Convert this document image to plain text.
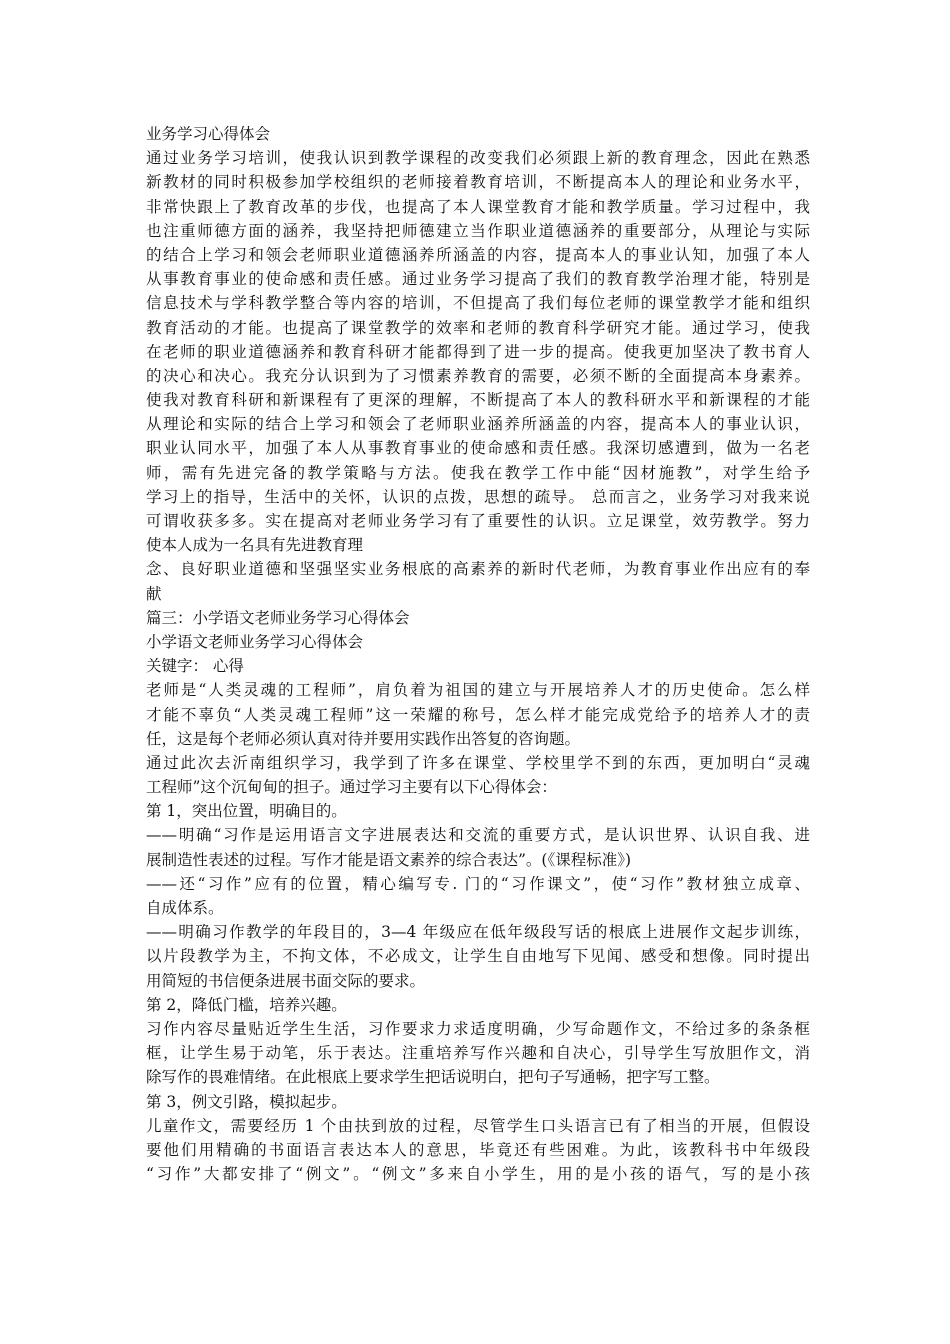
业务学习心得体会
通过业务学习培训，使我认识到教学课程的改变我们必须跟上新的教育理念，因此在熟悉
新教材的同时积极参加学校组织的老师接着教育培训，不断提高本人的理论和业务水平，
非常快跟上了教育改革的步伐，也提高了本人课堂教育才能和教学质量。学习过程中，我
也注重师德方面的涵养，我坚持把师德建立当作职业道德涵养的重要部分，从理论与实际
的结合上学习和领会老师职业道德涵养所涵盖的内容，提高本人的事业认知，加强了本人
从事教育事业的使命感和责任感。通过业务学习提高了我们的教育教学治理才能，特别是
信息技术与学科教学整合等内容的培训，不但提高了我们每位老师的课堂教学才能和组织
教育活动的才能。也提高了课堂教学的效率和老师的教育科学研究才能。通过学习，使我
在老师的职业道德涵养和教育科研才能都得到了进一步的提高。使我更加坚决了教书育人
的决心和决心。我充分认识到为了习惯素养教育的需要，必须不断的全面提高本身素养。
使我对教育科研和新课程有了更深的理解，不断提高了本人的教科研水平和新课程的才能
从理论和实际的结合上学习和领会了老师职业涵养所涵盖的内容，提高本人的事业认识，
职业认同水平，加强了本人从事教育事业的使命感和责任感。我深切感遭到，做为一名老
师，需有先进完备的教学策略与方法。使我在教学工作中能“因材施教”，对学生给予
学习上的指导，生活中的关怀，认识的点拨，思想的疏导。 总而言之，业务学习对我来说
可谓收获多多。实在提高对老师业务学习有了重要性的认识。立足课堂，效劳教学。努力
使本人成为一名具有先进教育理
念、良好职业道德和坚强坚实业务根底的高素养的新时代老师，为教育事业作出应有的奉
献
篇三：小学语文老师业务学习心得体会
小学语文老师业务学习心得体会
关键字： 心得
老师是“人类灵魂的工程师”，肩负着为祖国的建立与开展培养人才的历史使命。怎么样
才能不辜负“人类灵魂工程师”这一荣耀的称号，怎么样才能完成党给予的培养人才的责
任，这是每个老师必须认真对待并要用实践作出答复的咨询题。
通过此次去沂南组织学习，我学到了许多在课堂、学校里学不到的东西，更加明白“灵魂
工程师”这个沉甸甸的担子。通过学习主要有以下心得体会：
第 1，突出位置，明确目的。
——明确“习作是运用语言文字进展表达和交流的重要方式，是认识世界、认识自我、进
展制造性表述的过程。写作才能是语文素养的综合表达”。(《课程标准》)
——还“习作”应有的位置，精心编写专. 门的“习作课文”，使“习作”教材独立成章、
自成体系。
——明确习作教学的年段目的，3—4 年级应在低年级段写话的根底上进展作文起步训练，
以片段教学为主，不拘文体，不必成文，让学生自由地写下见闻、感受和想像。同时提出
用简短的书信便条进展书面交际的要求。
第 2，降低门槛，培养兴趣。
习作内容尽量贴近学生生活，习作要求力求适度明确，少写命题作文，不给过多的条条框
框，让学生易于动笔，乐于表达。注重培养写作兴趣和自决心，引导学生写放胆作文，消
除写作的畏难情绪。在此根底上要求学生把话说明白，把句子写通畅，把字写工整。
第 3，例文引路，模拟起步。
儿童作文，需要经历 1 个由扶到放的过程，尽管学生口头语言已有了相当的开展，但假设
要他们用精确的书面语言表达本人的意思，毕竟还有些困难。为此，该教科书中年级段
“习作”大都安排了“例文”。“例文”多来自小学生，用的是小孩的语气，写的是小孩
